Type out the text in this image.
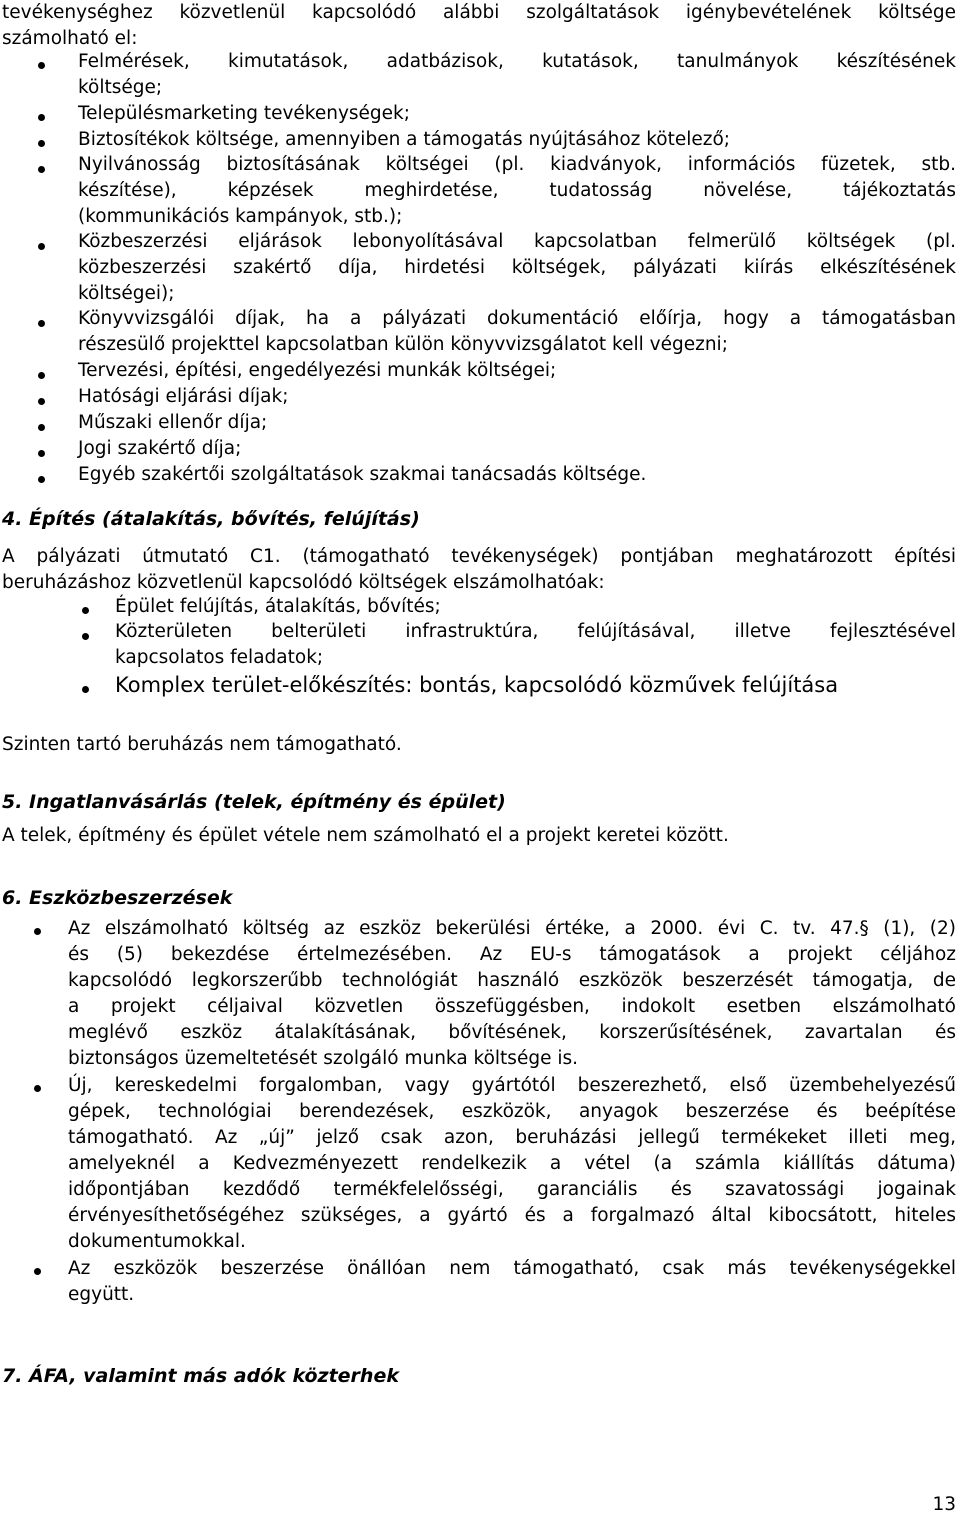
tevékenységhez közvetlenül kapcsolódó alábbi szolgáltatások igénybevételének költsége
számolható el:
Felmérések, kimutatások, adatbázisok, kutatások, tanulmányok készítésének
költsége;
Településmarketing tevékenységek;
Biztosítékok költsége, amennyiben a támogatás nyújtásához kötelező;
Nyilvánosság biztosításának költségei (pl. kiadványok, információs füzetek, stb.
készítése), képzések meghirdetése, tudatosság növelése, tájékoztatás
(kommunikációs kampányok, stb.);
Közbeszerzési eljárások lebonyolításával kapcsolatban felmerülő költségek (pl.
közbeszerzési szakértő díja, hirdetési költségek, pályázati kiírás elkészítésének
költségei);
Könyvvizsgálói díjak, ha a pályázati dokumentáció előírja, hogy a támogatásban
részesülő projekttel kapcsolatban külön könyvvizsgálatot kell végezni;
Tervezési, építési, engedélyezési munkák költségei;
Hatósági eljárási díjak;
Műszaki ellenőr díja;
Jogi szakértő díja;
Egyéb szakértői szolgáltatások szakmai tanácsadás költsége.
4. Építés (átalakítás, bővítés, felújítás)
A pályázati útmutató C1. (támogatható tevékenységek) pontjában meghatározott építési
beruházáshoz közvetlenül kapcsolódó költségek elszámolhatóak:
Épület felújítás, átalakítás, bővítés;
Közterületen belterületi infrastruktúra, felújításával, illetve fejlesztésével
kapcsolatos feladatok;
Komplex terület-előkészítés: bontás, kapcsolódó közművek felújítása

Szinten tartó beruházás nem támogatható.

5. Ingatlanvásárlás (telek, építmény és épület)

A telek, építmény és épület vétele nem számolható el a projekt keretei között.

6. Eszközbeszerzések
Az elszámolható költség az eszköz bekerülési értéke, a 2000. évi C. tv. 47.§ (1), (2)
és (5) bekezdése értelmezésében. Az EU-s támogatások a projekt céljához
kapcsolódó legkorszerűbb technológiát használó eszközök beszerzését támogatja, de
a projekt céljaival közvetlen összefüggésben, indokolt esetben elszámolható
meglévő eszköz átalakításának, bővítésének, korszerűsítésének, zavartalan és
biztonságos üzemeltetését szolgáló munka költsége is.
Új, kereskedelmi forgalomban, vagy gyártótól beszerezhető, első üzembehelyezésű
gépek, technológiai berendezések, eszközök, anyagok beszerzése és beépítése
támogatható. Az „új” jelző csak azon, beruházási jellegű termékeket illeti meg,
amelyeknél a Kedvezményezett rendelkezik a vétel (a számla kiállítás dátuma)
időpontjában kezdődő termékfelelősségi, garanciális és szavatossági jogainak
érvényesíthetőségéhez szükséges, a gyártó és a forgalmazó által kibocsátott, hiteles
dokumentumokkal.
Az eszközök beszerzése önállóan nem támogatható, csak más tevékenységekkel
együtt.
7. ÁFA, valamint más adók közterhek
13
